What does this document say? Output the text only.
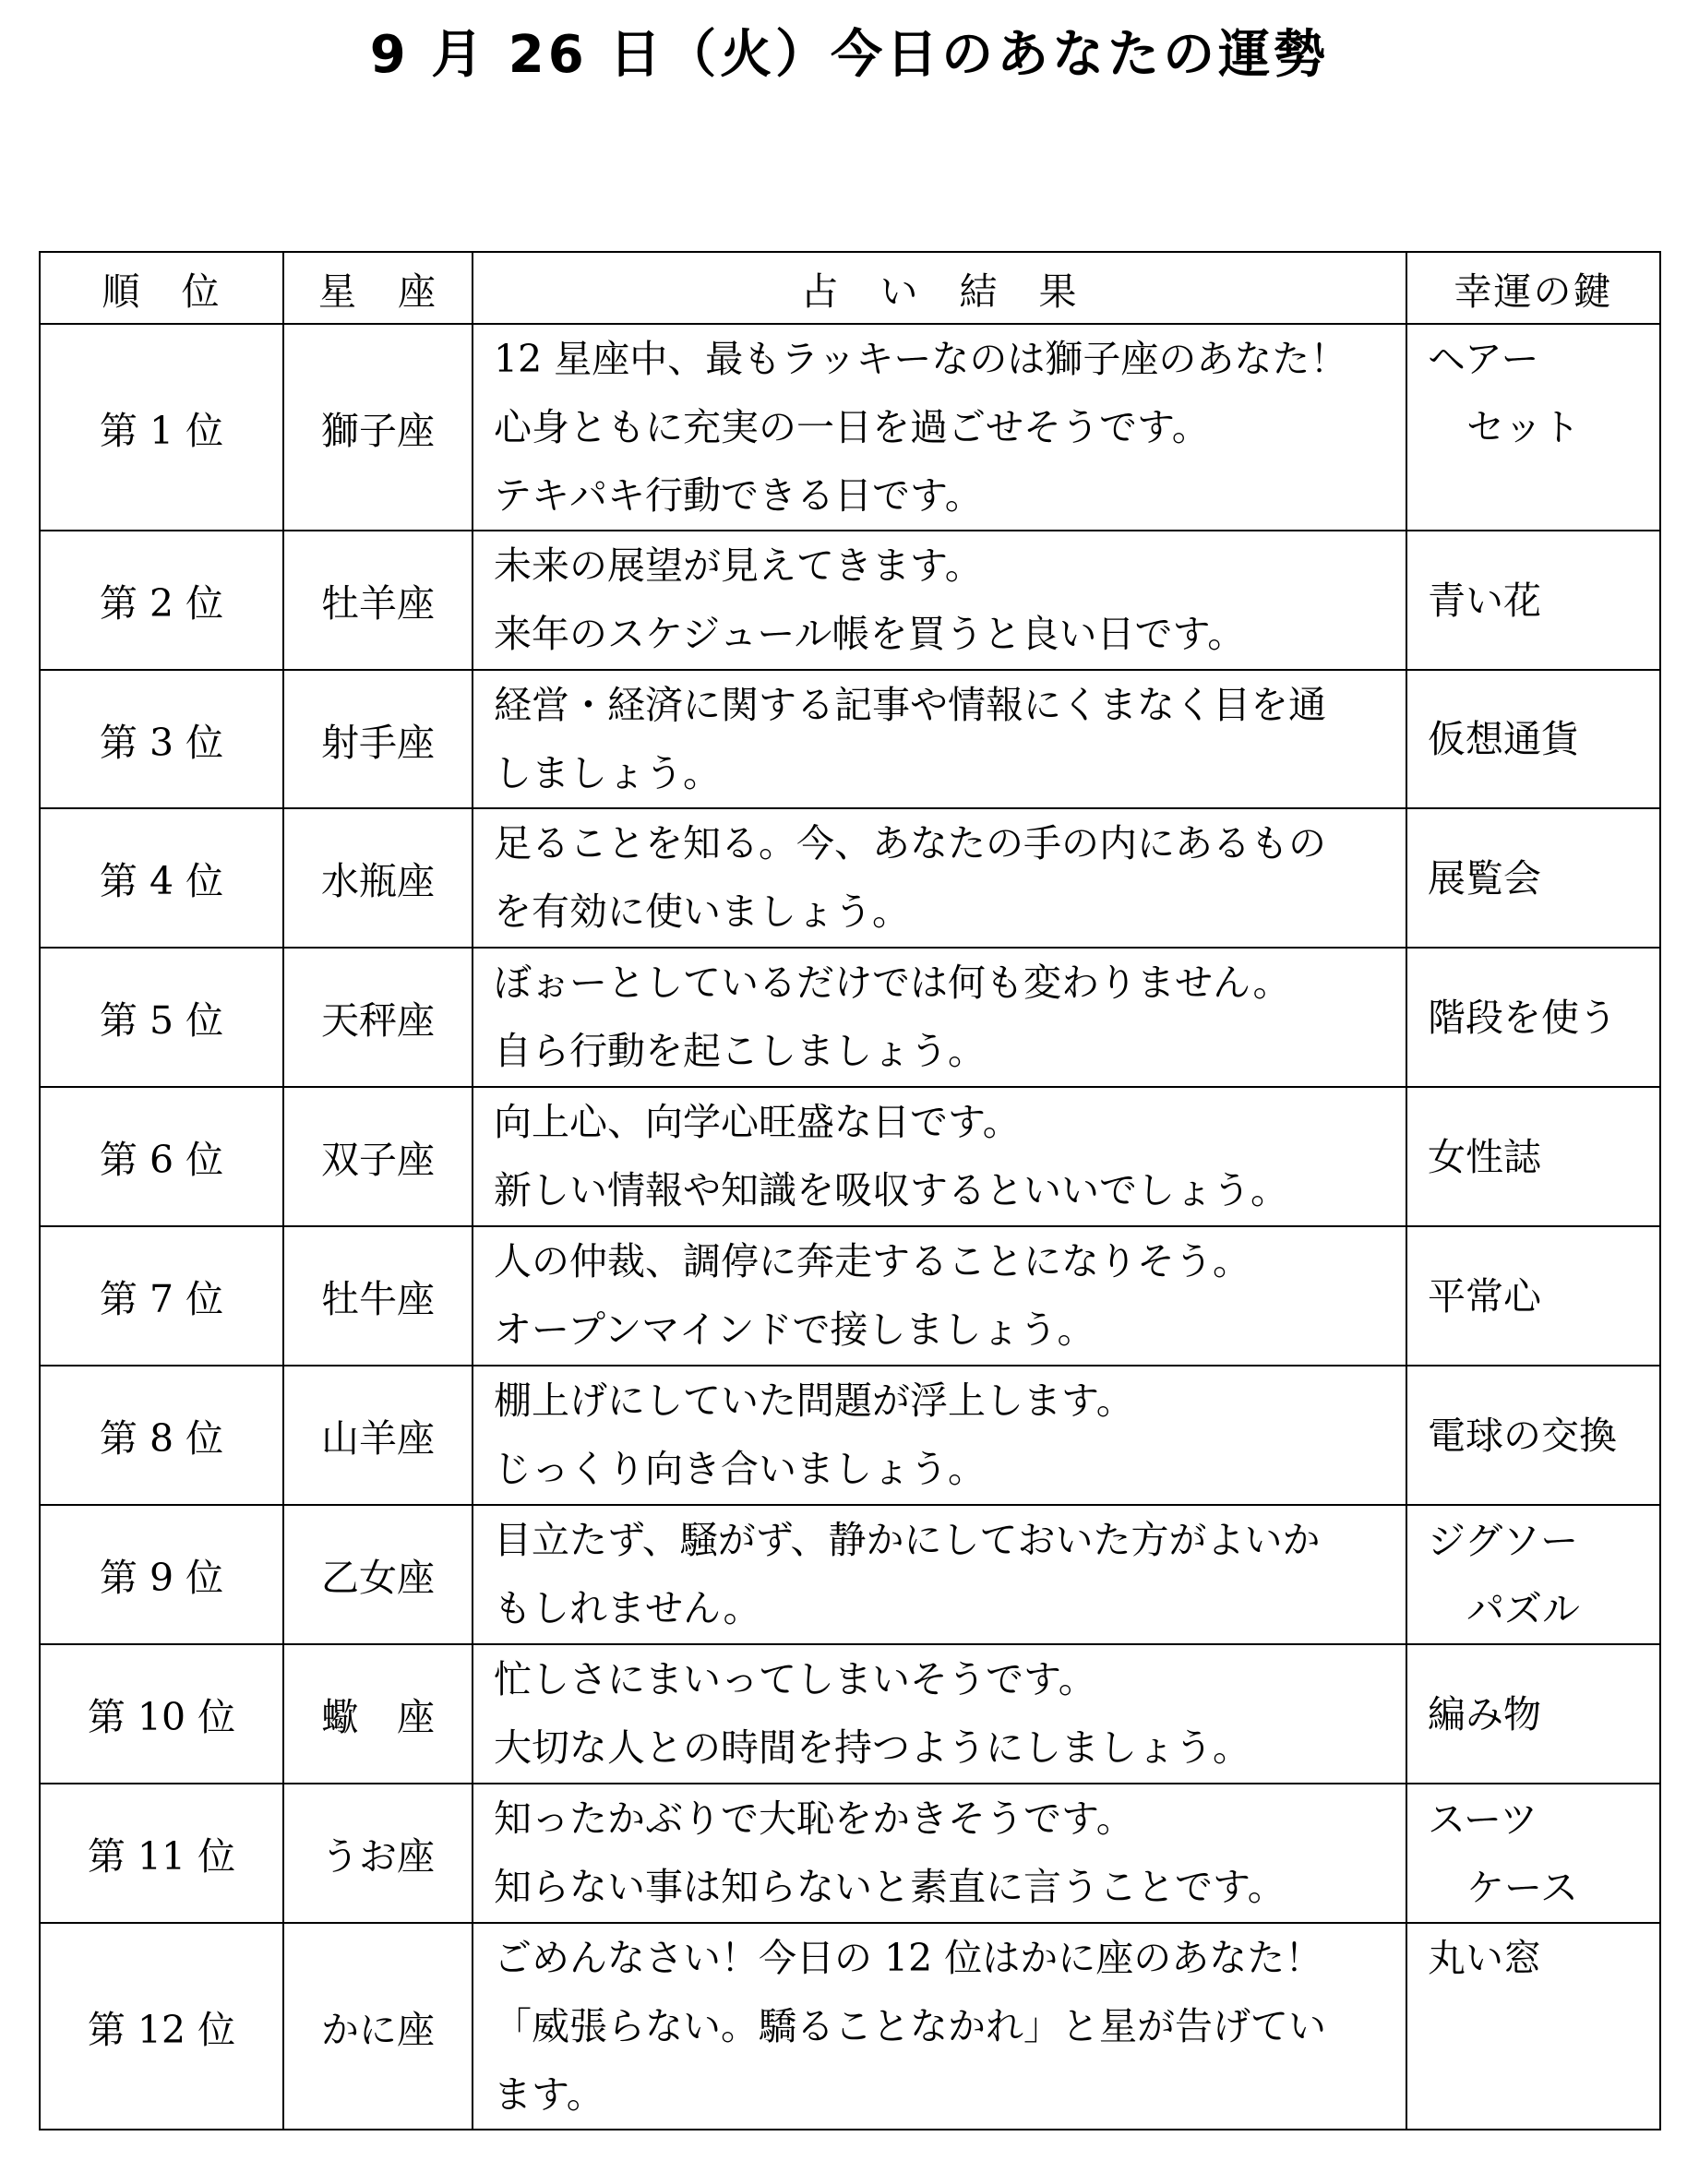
9 月 26 日（火）今日のあなたの運勢
順　位	星　座	占　い　結　果	幸運の鍵
第 1 位	獅子座	12 星座中、最もラッキーなのは獅子座のあなた！
心身ともに充実の一日を過ごせそうです。
テキパキ行動できる日です。	ヘアー
セット

第 2 位	牡羊座	未来の展望が見えてきます。
来年のスケジュール帳を買うと良い日です。	青い花

第 3 位	射手座	経営・経済に関する記事や情報にくまなく目を通
しましょう。	仮想通貨

第 4 位	水瓶座	足ることを知る。今、あなたの手の内にあるもの
を有効に使いましょう。	展覧会

第 5 位	天秤座	ぼぉーとしているだけでは何も変わりません。
自ら行動を起こしましょう。	階段を使う

第 6 位	双子座	向上心、向学心旺盛な日です。
新しい情報や知識を吸収するといいでしょう。	女性誌

第 7 位	牡牛座	人の仲裁、調停に奔走することになりそう。
オープンマインドで接しましょう。	平常心

第 8 位	山羊座	棚上げにしていた問題が浮上します。
じっくり向き合いましょう。	電球の交換

第 9 位	乙女座	目立たず、騒がず、静かにしておいた方がよいか
もしれません。	ジグソー
パズル

第 10 位	蠍　座	忙しさにまいってしまいそうです。
大切な人との時間を持つようにしましょう。	編み物

第 11 位	うお座	知ったかぶりで大恥をかきそうです。
知らない事は知らないと素直に言うことです。	スーツ
ケース

第 12 位	かに座	ごめんなさい！今日の 12 位はかに座のあなた！
「威張らない。驕ることなかれ」と星が告げてい
ます。	丸い窓
